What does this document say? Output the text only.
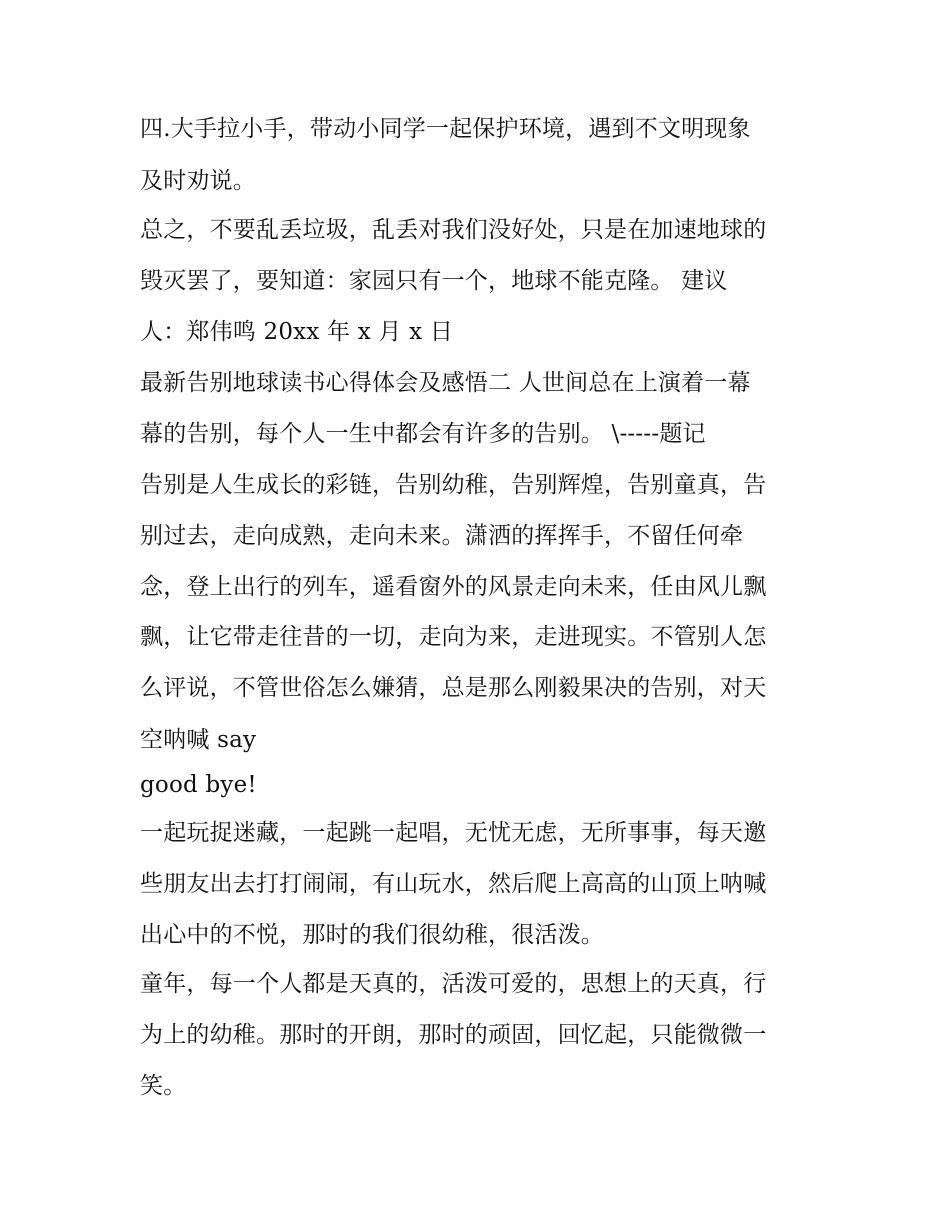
四.大手拉小手，带动小同学一起保护环境，遇到不文明现象
及时劝说。
总之，不要乱丢垃圾，乱丢对我们没好处，只是在加速地球的
毁灭罢了，要知道：家园只有一个，地球不能克隆。 建议
人：郑伟鸣 20xx 年 x 月 x 日
最新告别地球读书心得体会及感悟二 人世间总在上演着一幕
幕的告别，每个人一生中都会有许多的告别。 \-----题记
告别是人生成长的彩链，告别幼稚，告别辉煌，告别童真，告
别过去，走向成熟，走向未来。潇洒的挥挥手，不留任何牵
念，登上出行的列车，遥看窗外的风景走向未来，任由风儿飘
飘，让它带走往昔的一切，走向为来，走进现实。不管别人怎
么评说，不管世俗怎么嫌猜，总是那么刚毅果决的告别，对天
空呐喊 say
good bye!
一起玩捉迷藏，一起跳一起唱，无忧无虑，无所事事，每天邀
些朋友出去打打闹闹，有山玩水，然后爬上高高的山顶上呐喊
出心中的不悦，那时的我们很幼稚，很活泼。
童年，每一个人都是天真的，活泼可爱的，思想上的天真，行
为上的幼稚。那时的开朗，那时的顽固，回忆起，只能微微一
笑。
